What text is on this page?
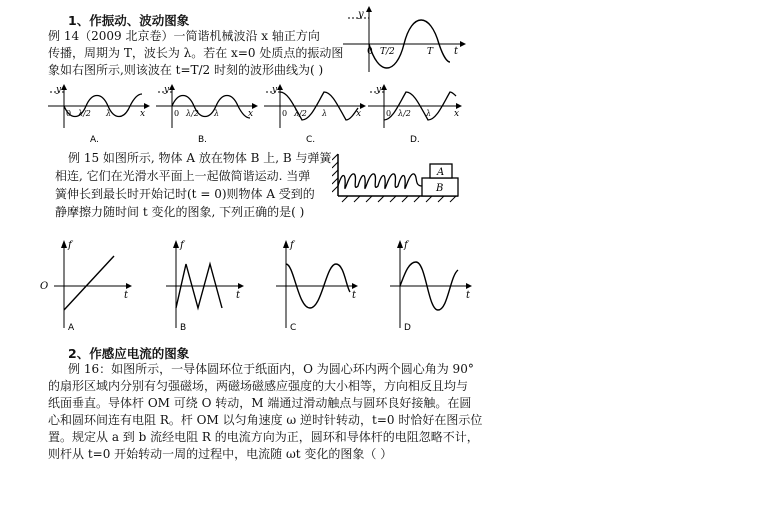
1、作振动、波动图象
例 14（2009 北京卷）一简谐机械波沿 x 轴正方向
传播，周期为 T，波长为 λ。若在 x=0 处质点的振动图
象如右图所示,则该波在 t=T/2 时刻的波形曲线为( )
y
0 T/2	T t
y
0 λ/2 λ	x
A.
y
0 λ/2 λ	x
B.
y
0 λ/2 λ	x
C.
y
0 λ/2 λ	x
D.
例 15 如图所示, 物体 A 放在物体 B 上, B 与弹簧
相连, 它们在光滑水平面上一起做简谐运动. 当弹
簧伸长到最长时开始记时(t = 0)则物体 A 受到的
静摩擦力随时间 t 变化的图象, 下列正确的是( )
A
B
f
O
t
A
f
t
B
f
t
C
f
t
D
2、作感应电流的图象
例 16：如图所示，一导体圆环位于纸面内，O 为圆心环内两个圆心角为 90°
的扇形区域内分别有匀强磁场，两磁场磁感应强度的大小相等，方向相反且均与
纸面垂直。导体杆 OM 可绕 O 转动，M 端通过滑动触点与圆环良好接触。在圆
心和圆环间连有电阻 R。杆 OM 以匀角速度 ω 逆时针转动，t=0 时恰好在图示位
置。规定从 a 到 b 流经电阻 R 的电流方向为正，圆环和导体杆的电阻忽略不计，
则杆从 t=0 开始转动一周的过程中，电流随 ωt 变化的图象（ ）
